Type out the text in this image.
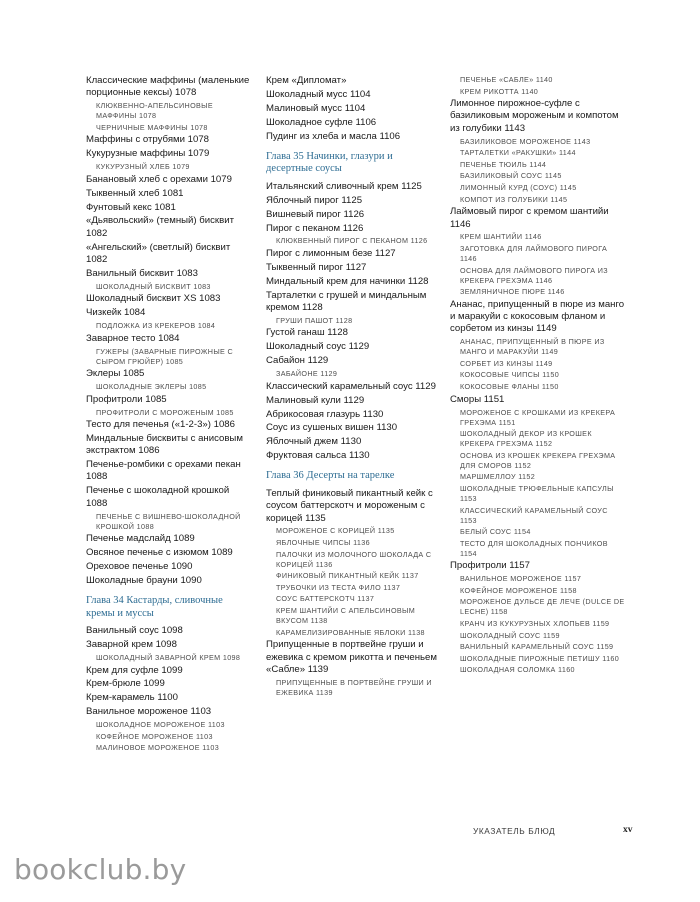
Классические маффины (маленькие порционные кексы) 1078
КЛЮКВЕННО-АПЕЛЬСИНОВЫЕ МАФФИНЫ 1078
ЧЕРНИЧНЫЕ МАФФИНЫ 1078
Маффины с отрубями 1078
Кукурузные маффины 1079
КУКУРУЗНЫЙ ХЛЕБ 1079
Банановый хлеб с орехами 1079
Тыквенный хлеб 1081
Фунтовый кекс 1081
«Дьявольский» (темный) бисквит 1082
«Ангельский» (светлый) бисквит 1082
Ванильный бисквит 1083
ШОКОЛАДНЫЙ БИСКВИТ 1083
Шоколадный бисквит XS 1083
Чизкейк 1084
ПОДЛОЖКА ИЗ КРЕКЕРОВ 1084
Заварное тесто 1084
ГУЖЕРЫ (ЗАВАРНЫЕ ПИРОЖНЫЕ С СЫРОМ ГРЮЙЕР) 1085
Эклеры 1085
ШОКОЛАДНЫЕ ЭКЛЕРЫ 1085
Профитроли 1085
ПРОФИТРОЛИ С МОРОЖЕНЫМ 1085
Тесто для печенья («1-2-3») 1086
Миндальные бисквиты с анисовым экстрактом 1086
Печенье-ромбики с орехами пекан 1088
Печенье с шоколадной крошкой 1088
ПЕЧЕНЬЕ С ВИШНЕВО-ШОКОЛАДНОЙ КРОШКОЙ 1088
Печенье мадслайд 1089
Овсяное печенье с изюмом 1089
Ореховое печенье 1090
Шоколадные брауни 1090
Глава 34 Кастарды, сливочные кремы и муссы
Ванильный соус 1098
Заварной крем 1098
ШОКОЛАДНЫЙ ЗАВАРНОЙ КРЕМ 1098
Крем для суфле 1099
Крем-брюле 1099
Крем-карамель 1100
Ванильное мороженое 1103
ШОКОЛАДНОЕ МОРОЖЕНОЕ 1103
КОФЕЙНОЕ МОРОЖЕНОЕ 1103
МАЛИНОВОЕ МОРОЖЕНОЕ 1103
Крем «Дипломат»
Шоколадный мусс 1104
Малиновый мусс 1104
Шоколадное суфле 1106
Пудинг из хлеба и масла 1106
Глава 35 Начинки, глазури и десертные соусы
Итальянский сливочный крем 1125
Яблочный пирог 1125
Вишневый пирог 1126
Пирог с пеканом 1126
КЛЮКВЕННЫЙ ПИРОГ С ПЕКАНОМ 1126
Пирог с лимонным безе 1127
Тыквенный пирог 1127
Миндальный крем для начинки 1128
Тарталетки с грушей и миндальным кремом 1128
ГРУШИ ПАШОТ 1128
Густой ганаш 1128
Шоколадный соус 1129
Сабайон 1129
ЗАБАЙОНЕ 1129
Классический карамельный соус 1129
Малиновый кули 1129
Абрикосовая глазурь 1130
Соус из сушеных вишен 1130
Яблочный джем 1130
Фруктовая сальса 1130
Глава 36 Десерты на тарелке
Теплый финиковый пикантный кейк с соусом баттерскотч и мороженым с корицей 1135
МОРОЖЕНОЕ С КОРИЦЕЙ 1135
ЯБЛОЧНЫЕ ЧИПСЫ 1136
ПАЛОЧКИ ИЗ МОЛОЧНОГО ШОКОЛАДА С КОРИЦЕЙ 1136
ФИНИКОВЫЙ ПИКАНТНЫЙ КЕЙК 1137
ТРУБОЧКИ ИЗ ТЕСТА ФИЛО 1137
СОУС БАТТЕРСКОТЧ 1137
КРЕМ ШАНТИЙИ С АПЕЛЬСИНОВЫМ ВКУСОМ 1138
КАРАМЕЛИЗИРОВАННЫЕ ЯБЛОКИ 1138
Припущенные в портвейне груши и ежевика с кремом рикотта и печеньем «Сабле» 1139
ПРИПУЩЕННЫЕ В ПОРТВЕЙНЕ ГРУШИ И ЕЖЕВИКА 1139
ПЕЧЕНЬЕ «САБЛЕ» 1140
КРЕМ РИКОТТА 1140
Лимонное пирожное-суфле с базиликовым мороженым и компотом из голубики 1143
БАЗИЛИКОВОЕ МОРОЖЕНОЕ 1143
ТАРТАЛЕТКИ «РАКУШКИ» 1144
ПЕЧЕНЬЕ ТЮИЛЬ 1144
БАЗИЛИКОВЫЙ СОУС 1145
ЛИМОННЫЙ КУРД (СОУС) 1145
КОМПОТ ИЗ ГОЛУБИКИ 1145
Лаймовый пирог с кремом шантийи 1146
КРЕМ ШАНТИЙИ 1146
ЗАГОТОВКА ДЛЯ ЛАЙМОВОГО ПИРОГА 1146
ОСНОВА ДЛЯ ЛАЙМОВОГО ПИРОГА ИЗ КРЕКЕРА ГРЕХЭМА 1146
ЗЕМЛЯНИЧНОЕ ПЮРЕ 1146
Ананас, припущенный в пюре из манго и маракуйи с кокосовым фланом и сорбетом из кинзы 1149
АНАНАС, ПРИПУЩЕННЫЙ В ПЮРЕ ИЗ МАНГО И МАРАКУЙИ 1149
СОРБЕТ ИЗ КИНЗЫ 1149
КОКОСОВЫЕ ЧИПСЫ 1150
КОКОСОВЫЕ ФЛАНЫ 1150
Сморы 1151
МОРОЖЕНОЕ С КРОШКАМИ ИЗ КРЕКЕРА ГРЕХЭМА 1151
ШОКОЛАДНЫЙ ДЕКОР ИЗ КРОШЕК КРЕКЕРА ГРЕХЭМА 1152
ОСНОВА ИЗ КРОШЕК КРЕКЕРА ГРЕХЭМА ДЛЯ СМОРОВ 1152
МАРШМЕЛЛОУ 1152
ШОКОЛАДНЫЕ ТРЮФЕЛЬНЫЕ КАПСУЛЫ 1153
КЛАССИЧЕСКИЙ КАРАМЕЛЬНЫЙ СОУС 1153
БЕЛЫЙ СОУС 1154
ТЕСТО ДЛЯ ШОКОЛАДНЫХ ПОНЧИКОВ 1154
Профитроли 1157
ВАНИЛЬНОЕ МОРОЖЕНОЕ 1157
КОФЕЙНОЕ МОРОЖЕНОЕ 1158
МОРОЖЕНОЕ ДУЛЬСЕ ДЕ ЛЕЧЕ (DULCE DE LECHE) 1158
КРАНЧ ИЗ КУКУРУЗНЫХ ХЛОПЬЕВ 1159
ШОКОЛАДНЫЙ СОУС 1159
ВАНИЛЬНЫЙ КАРАМЕЛЬНЫЙ СОУС 1159
ШОКОЛАДНЫЕ ПИРОЖНЫЕ ПЕТИШУ 1160
ШОКОЛАДНАЯ СОЛОМКА 1160
УКАЗАТЕЛЬ БЛЮД	xv
bookclub.by
